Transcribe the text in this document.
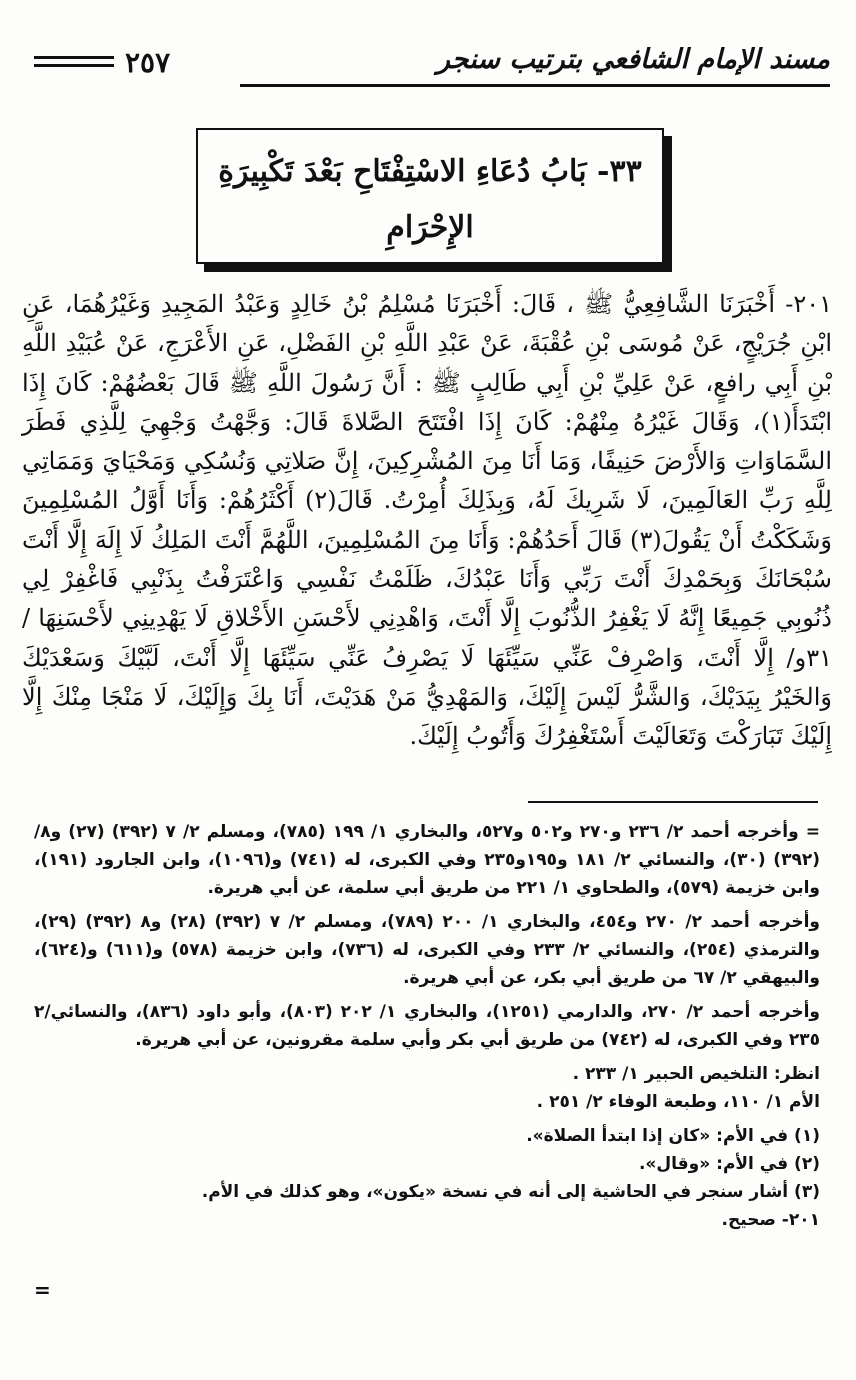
مسند الإمام الشافعي بترتيب سنجر
٢٥٧
٣٣- بَابُ دُعَاءِ الاسْتِفْتَاحِ بَعْدَ تَكْبِيرَةِ الإِحْرَامِ
٢٠١- أَخْبَرَنَا الشَّافِعِيُّ ﷺ ، قَالَ: أَخْبَرَنَا مُسْلِمُ بْنُ خَالِدٍ وَعَبْدُ المَجِيدِ وَغَيْرُهُمَا، عَنِ ابْنِ جُرَيْجٍ، عَنْ مُوسَى بْنِ عُقْبَةَ، عَنْ عَبْدِ اللَّهِ بْنِ الفَضْلِ، عَنِ الأَعْرَجِ، عَنْ عُبَيْدِ اللَّهِ بْنِ أَبِي رافعٍ، عَنْ عَلِيِّ بْنِ أَبِي طَالِبٍ ﷺ : أَنَّ رَسُولَ اللَّهِ ﷺ قَالَ بَعْضُهُمْ: كَانَ إِذَا ابْتَدَأَ(١)، وَقَالَ غَيْرُهُ مِنْهُمْ: كَانَ إِذَا افْتَتَحَ الصَّلاةَ قَالَ: وَجَّهْتُ وَجْهِيَ لِلَّذِي فَطَرَ السَّمَاوَاتِ وَالأَرْضَ حَنِيفًا، وَمَا أَنَا مِنَ المُشْرِكِينَ، إِنَّ صَلاتِي وَنُسُكِي وَمَحْيَايَ وَمَمَاتِي لِلَّهِ رَبِّ العَالَمِينَ، لَا شَرِيكَ لَهُ، وَبِذَلِكَ أُمِرْتُ. قَالَ(٢) أَكْثَرُهُمْ: وَأَنَا أَوَّلُ المُسْلِمِينَ وَشَكَكْتُ أَنْ يَقُولَ(٣) قَالَ أَحَدُهُمْ: وَأَنَا مِنَ المُسْلِمِينَ، اللَّهُمَّ أَنْتَ المَلِكُ لَا إِلَهَ إِلَّا أَنْتَ سُبْحَانَكَ وَبِحَمْدِكَ أَنْتَ رَبِّي وَأَنَا عَبْدُكَ، ظَلَمْتُ نَفْسِي وَاعْتَرَفْتُ بِذَنْبِي فَاغْفِرْ لِي ذُنُوبِي جَمِيعًا إِنَّهُ لَا يَغْفِرُ الذُّنُوبَ إِلَّا أَنْتَ، وَاهْدِنِي لأَحْسَنِ الأَخْلاقِ لَا يَهْدِينِي لأَحْسَنِهَا / ٣١و/ إِلَّا أَنْتَ، وَاصْرِفْ عَنِّي سَيِّئَهَا لَا يَصْرِفُ عَنِّي سَيِّئَهَا إِلَّا أَنْتَ، لَبَّيْكَ وَسَعْدَيْكَ وَالخَيْرُ بِيَدَيْكَ، وَالشَّرُّ لَيْسَ إِلَيْكَ، وَالمَهْدِيُّ مَنْ هَدَيْتَ، أَنَا بِكَ وَإِلَيْكَ، لَا مَنْجَا مِنْكَ إِلَّا إِلَيْكَ تَبَارَكْتَ وَتَعَالَيْتَ أَسْتَغْفِرُكَ وَأَتُوبُ إِلَيْكَ.

= وأخرجه أحمد ٢/ ٢٣٦ و٢٧٠ و٥٠٢ و٥٢٧، والبخاري ١/ ١٩٩ (٧٨٥)، ومسلم ٢/ ٧ (٣٩٢) (٢٧) و٨/ (٣٩٢) (٣٠)، والنسائي ٢/ ١٨١ و١٩٥و٢٣٥ وفي الكبرى، له (٧٤١) و(١٠٩٦)، وابن الجارود (١٩١)، وابن خزيمة (٥٧٩)، والطحاوي ١/ ٢٢١ من طريق أبي سلمة، عن أبي هريرة.

وأخرجه أحمد ٢/ ٢٧٠ و٤٥٤، والبخاري ١/ ٢٠٠ (٧٨٩)، ومسلم ٢/ ٧ (٣٩٢) (٢٨) و٨ (٣٩٢) (٢٩)، والترمذي (٢٥٤)، والنسائي ٢/ ٢٣٣ وفي الكبرى، له (٧٣٦)، وابن خزيمة (٥٧٨) و(٦١١) و(٦٢٤)، والبيهقي ٢/ ٦٧ من طريق أبي بكر، عن أبي هريرة.

وأخرجه أحمد ٢/ ٢٧٠، والدارمي (١٢٥١)، والبخاري ١/ ٢٠٢ (٨٠٣)، وأبو داود (٨٣٦)، والنسائي/٢ ٢٣٥ وفي الكبرى، له (٧٤٢) من طريق أبي بكر وأبي سلمة مقرونين، عن أبي هريرة.

انظر: التلخيص الحبير ١/ ٢٣٣ .

الأم ١/ ١١٠، وطبعة الوفاء ٢/ ٢٥١ .

(١) في الأم: «كان إذا ابتدأ الصلاة».

(٢) في الأم: «وقال».

(٣) أشار سنجر في الحاشية إلى أنه في نسخة «يكون»، وهو كذلك في الأم.

٢٠١- صحيح.

=
